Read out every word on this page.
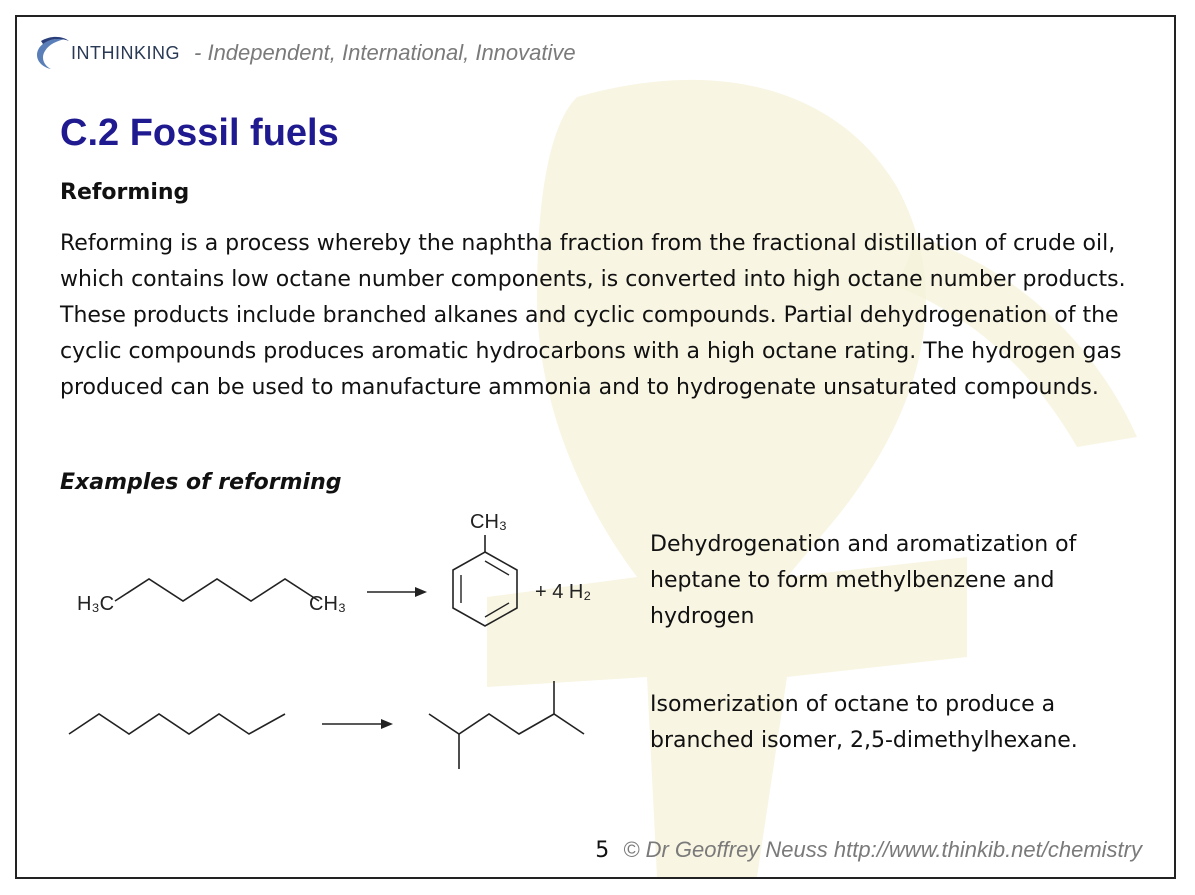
INTHINKING - Independent, International, Innovative
C.2 Fossil fuels
Reforming

Reforming is a process whereby the naphtha fraction from the fractional distillation of crude oil, which contains low octane number components, is converted into high octane number products. These products include branched alkanes and cyclic compounds. Partial dehydrogenation of the cyclic compounds produces aromatic hydrocarbons with a high octane rating. The hydrogen gas produced can be used to manufacture ammonia and to hydrogenate unsaturated compounds.

Examples of reforming
H₃C	CH₃
CH₃
+ 4 H₂

Dehydrogenation and aromatization of heptane to form methylbenzene and hydrogen

Isomerization of octane to produce a branched isomer, 2,5-dimethylhexane.

5 © Dr Geoffrey Neuss http://www.thinkib.net/chemistry
